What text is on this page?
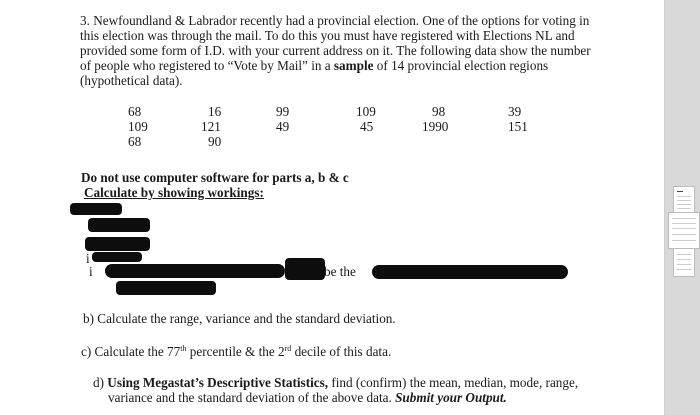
3. Newfoundland & Labrador recently had a provincial election. One of the options for voting in
this election was through the mail. To do this you must have registered with Elections NL and
provided some form of I.D. with your current address on it. The following data show the number
of people who registered to “Vote by Mail” in a sample of 14 provincial election regions
(hypothetical data).
68	16	99	109	98	39
109	121	49	45	1990	151
68	90
Do not use computer software for parts a, b & c
Calculate by showing workings:
i
i	be the
b) Calculate the range, variance and the standard deviation.
c) Calculate the 77th percentile & the 2rd decile of this data.
d) Using Megastat’s Descriptive Statistics, find (confirm) the mean, median, mode, range,
variance and the standard deviation of the above data. Submit your Output.
